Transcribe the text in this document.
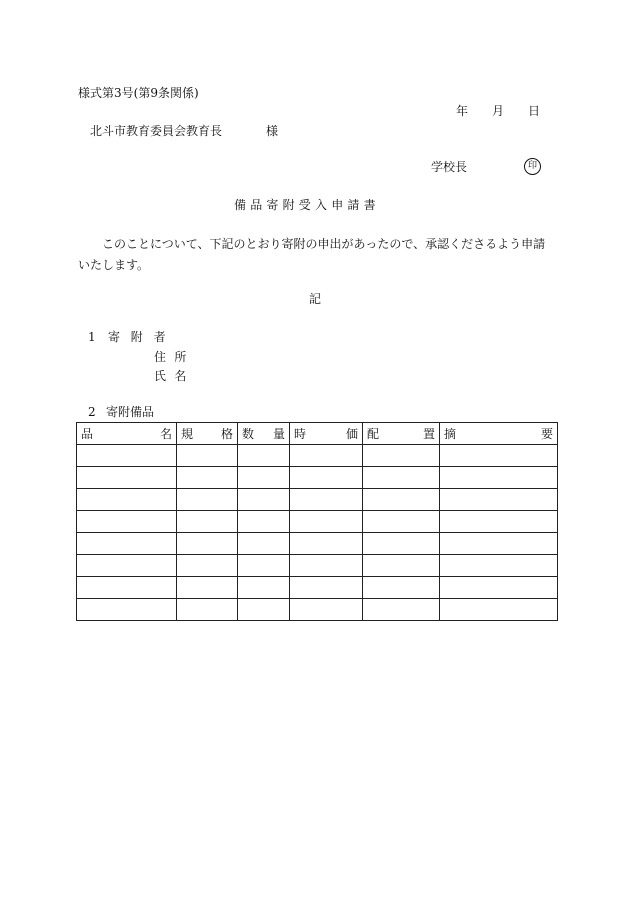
様式第3号(第9条関係)
年 月 日
北斗市教育委員会教育長	様
学校長	印
備品寄附受入申請書
このことについて、下記のとおり寄附の申出があったので、承認くださるよう申請いたします。
記
1 寄附者
住所
氏名
2 寄附備品
品名	規格	数量	時価	配置	摘要
